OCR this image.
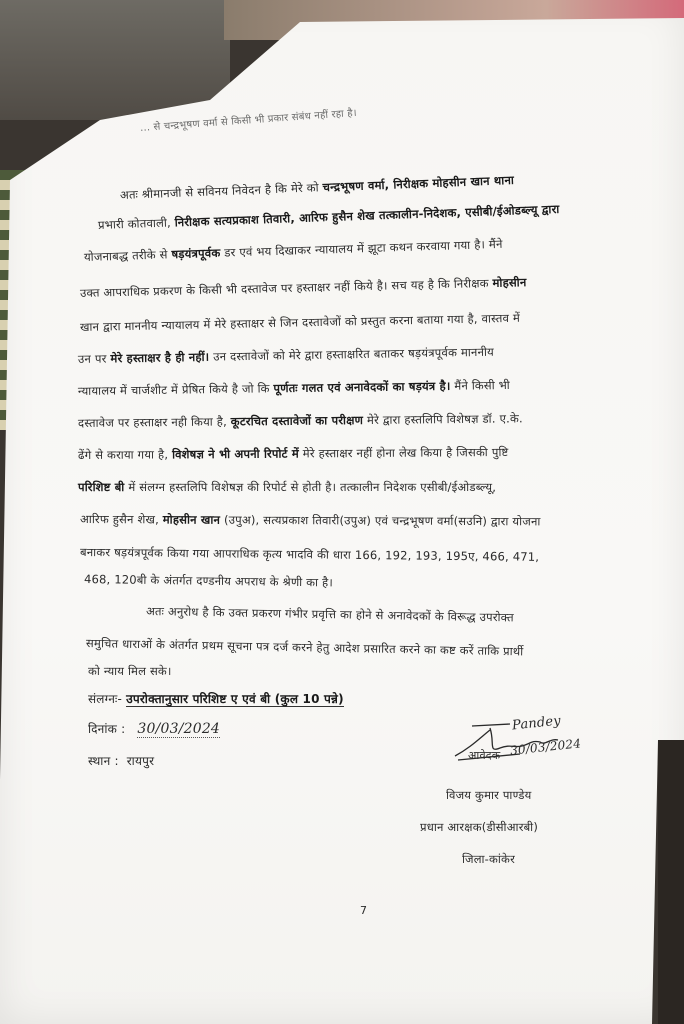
... से चन्द्रभूषण वर्मा से किसी भी प्रकार संबंध नहीं रहा है।
अतः श्रीमानजी से सविनय निवेदन है कि मेरे को चन्द्रभूषण वर्मा, निरीक्षक मोहसीन खान थाना
प्रभारी कोतवाली, निरीक्षक सत्यप्रकाश तिवारी, आरिफ हुसैन शेख तत्कालीन-निदेशक, एसीबी/ईओडब्ल्यू द्वारा
योजनाबद्ध तरीके से षड़यंत्रपूर्वक डर एवं भय दिखाकर न्यायालय में झूटा कथन करवाया गया है। मैंने
उक्त आपराधिक प्रकरण के किसी भी दस्तावेज पर हस्ताक्षर नहीं किये है। सच यह है कि निरीक्षक मोहसीन
खान द्वारा माननीय न्यायालय में मेरे हस्ताक्षर से जिन दस्तावेजों को प्रस्तुत करना बताया गया है, वास्तव में
उन पर मेरे हस्ताक्षर है ही नहीं। उन दस्तावेजों को मेरे द्वारा हस्ताक्षरित बताकर षड़यंत्रपूर्वक माननीय
न्यायालय में चार्जशीट में प्रेषित किये है जो कि पूर्णतः गलत एवं अनावेदकों का षड़यंत्र है। मैंने किसी भी
दस्तावेज पर हस्ताक्षर नही किया है, कूटरचित दस्तावेजों का परीक्षण मेरे द्वारा हस्तलिपि विशेषज्ञ डॉ. ए.के.
ढेंगे से कराया गया है, विशेषज्ञ ने भी अपनी रिपोर्ट में मेरे हस्ताक्षर नहीं होना लेख किया है जिसकी पुष्टि
परिशिष्ट बी में संलग्न हस्तलिपि विशेषज्ञ की रिपोर्ट से होती है। तत्कालीन निदेशक एसीबी/ईओडब्ल्यू,
आरिफ हुसैन शेख, मोहसीन खान (उपुअ), सत्यप्रकाश तिवारी(उपुअ) एवं चन्द्रभूषण वर्मा(सउनि) द्वारा योजना
बनाकर षड़यंत्रपूर्वक किया गया आपराधिक कृत्य भादवि की धारा 166, 192, 193, 195ए, 466, 471,
468, 120बी के अंतर्गत दण्डनीय अपराध के श्रेणी का है।
अतः अनुरोध है कि उक्त प्रकरण गंभीर प्रवृत्ति का होने से अनावेदकों के विरूद्ध उपरोक्त
समुचित धाराओं के अंतर्गत प्रथम सूचना पत्र दर्ज करने हेतु आदेश प्रसारित करने का कष्ट करें ताकि प्रार्थी
को न्याय मिल सके।
संलग्नः- उपरोक्तानुसार परिशिष्ट ए एवं बी (कुल 10 पन्ने)
दिनांक : 30/03/2024
स्थान : रायपुर
Pandey
आवेदक 30/03/2024
विजय कुमार पाण्डेय
प्रधान आरक्षक(डीसीआरबी)
जिला-कांकेर
7
